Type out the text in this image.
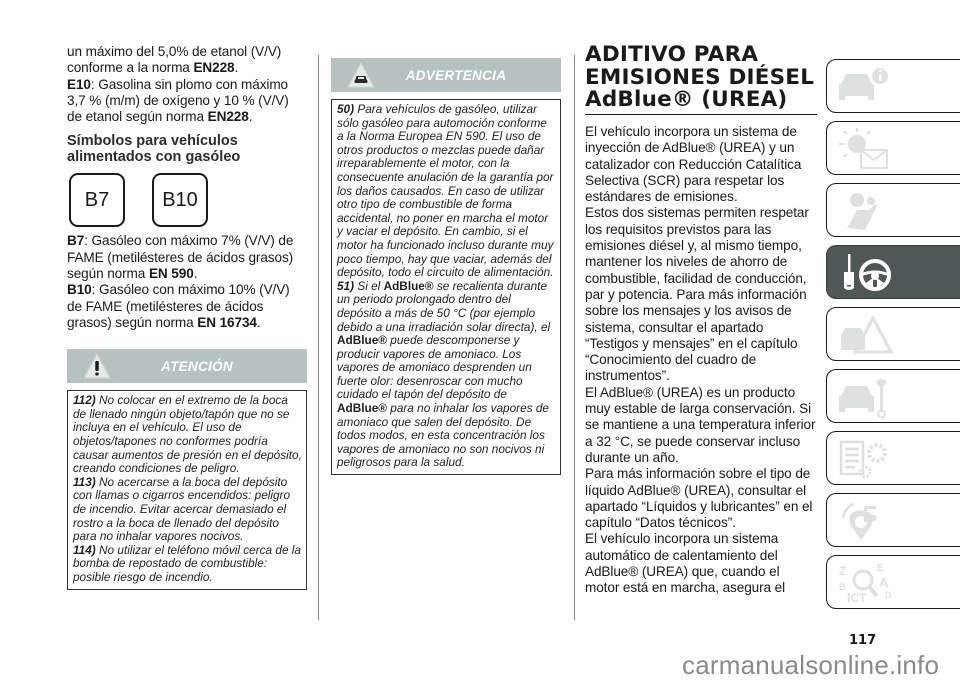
un máximo del 5,0% de etanol (V/V)
conforme a la norma EN228.

E10: Gasolina sin plomo con máximo 3,7 % (m/m) de oxígeno y 10 % (V/V) de etanol según norma EN228.

Símbolos para vehículos alimentados con gasóleo
B7	B10

B7: Gasóleo con máximo 7% (V/V) de FAME (metilésteres de ácidos grasos) según norma EN 590.

B10: Gasóleo con máximo 10% (V/V) de FAME (metilésteres de ácidos grasos) según norma EN 16734.

ATENCIÓN
112) No colocar en el extremo de la boca de llenado ningún objeto/tapón que no se incluya en el vehículo. El uso de objetos/tapones no conformes podría causar aumentos de presión en el depósito, creando condiciones de peligro.
113) No acercarse a la boca del depósito con llamas o cigarros encendidos: peligro de incendio. Evitar acercar demasiado el rostro a la boca de llenado del depósito para no inhalar vapores nocivos.
114) No utilizar el teléfono móvil cerca de la bomba de repostado de combustible: posible riesgo de incendio.
ADVERTENCIA
50) Para vehículos de gasóleo, utilizar sólo gasóleo para automoción conforme a la Norma Europea EN 590. El uso de otros productos o mezclas puede dañar irreparablemente el motor, con la consecuente anulación de la garantía por los daños causados. En caso de utilizar otro tipo de combustible de forma accidental, no poner en marcha el motor y vaciar el depósito. En cambio, si el motor ha funcionado incluso durante muy poco tiempo, hay que vaciar, además del depósito, todo el circuito de alimentación.
51) Si el AdBlue® se recalienta durante un periodo prolongado dentro del depósito a más de 50 °C (por ejemplo debido a una irradiación solar directa), el AdBlue® puede descomponerse y producir vapores de amoniaco. Los vapores de amoniaco desprenden un fuerte olor: desenroscar con mucho cuidado el tapón del depósito de AdBlue® para no inhalar los vapores de amoniaco que salen del depósito. De todos modos, en esta concentración los vapores de amoniaco no son nocivos ni peligrosos para la salud.
ADITIVO PARA
EMISIONES DIÉSEL
AdBlue® (UREA)

El vehículo incorpora un sistema de inyección de AdBlue® (UREA) y un catalizador con Reducción Catalítica Selectiva (SCR) para respetar los estándares de emisiones.

Estos dos sistemas permiten respetar los requisitos previstos para las emisiones diésel y, al mismo tiempo, mantener los niveles de ahorro de combustible, facilidad de conducción, par y potencia. Para más información sobre los mensajes y los avisos de sistema, consultar el apartado “Testigos y mensajes” en el capítulo “Conocimiento del cuadro de instrumentos”.

El AdBlue® (UREA) es un producto muy estable de larga conservación. Si se mantiene a una temperatura inferior a 32 °C, se puede conservar incluso durante un año.

Para más información sobre el tipo de líquido AdBlue® (UREA), consultar el apartado “Líquidos y lubricantes” en el capítulo “Datos técnicos”.

El vehículo incorpora un sistema automático de calentamiento del AdBlue® (UREA) que, cuando el motor está en marcha, asegura el

Z	E
A
B
D
ICT
117
carmanualsonline.info
